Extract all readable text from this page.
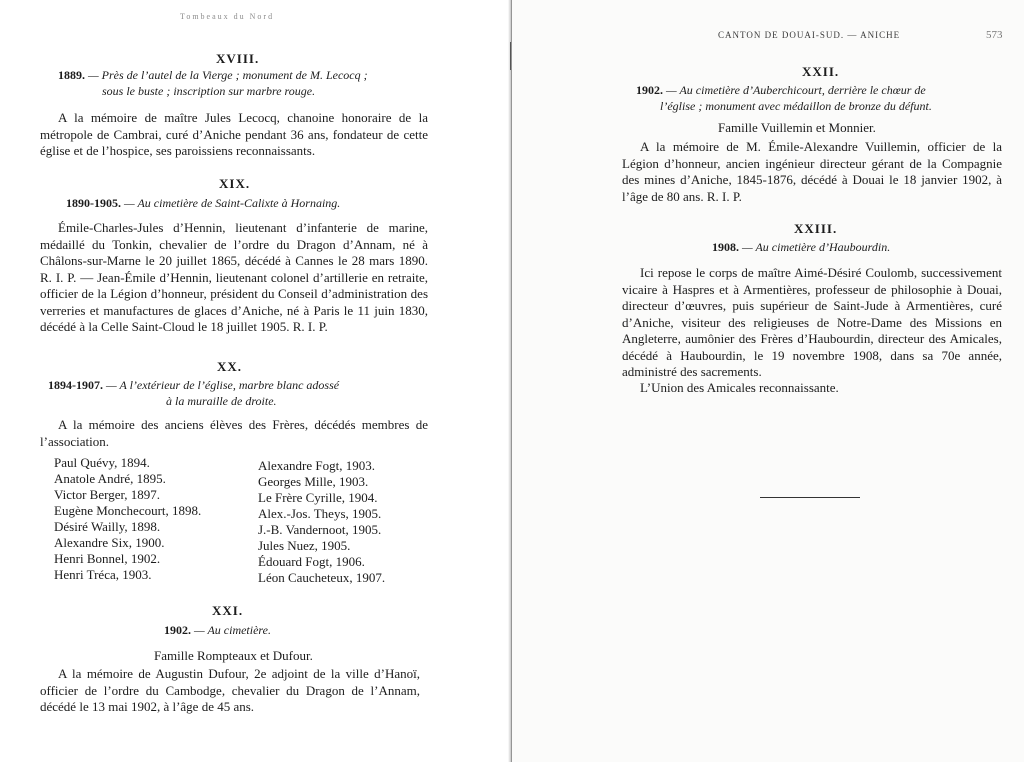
Tombeaux du Nord
XVIII.
1889. — Près de l’autel de la Vierge ; monument de M. Lecocq ;
sous le buste ; inscription sur marbre rouge.

A la mémoire de maître Jules Lecocq, chanoine honoraire de la métropole de Cambrai, curé d’Aniche pendant 36 ans, fondateur de cette église et de l’hospice, ses paroissiens reconnaissants.

XIX.
1890-1905. — Au cimetière de Saint-Calixte à Hornaing.

Émile-Charles-Jules d’Hennin, lieutenant d’infanterie de marine, médaillé du Tonkin, chevalier de l’ordre du Dragon d’Annam, né à Châlons-sur-Marne le 20 juillet 1865, décédé à Cannes le 28 mars 1890. R. I. P. — Jean-Émile d’Hennin, lieutenant colonel d’artillerie en retraite, officier de la Légion d’honneur, président du Conseil d’administration des verreries et manufactures de glaces d’Aniche, né à Paris le 11 juin 1830, décédé à la Celle Saint-Cloud le 18 juillet 1905. R. I. P.

XX.
1894-1907. — A l’extérieur de l’église, marbre blanc adossé
à la muraille de droite.

A la mémoire des anciens élèves des Frères, décédés membres de l’association.

Paul Quévy, 1894.
Anatole André, 1895.
Victor Berger, 1897.
Eugène Monchecourt, 1898.
Désiré Wailly, 1898.
Alexandre Six, 1900.
Henri Bonnel, 1902.
Henri Tréca, 1903.
Alexandre Fogt, 1903.
Georges Mille, 1903.
Le Frère Cyrille, 1904.
Alex.-Jos. Theys, 1905.
J.-B. Vandernoot, 1905.
Jules Nuez, 1905.
Édouard Fogt, 1906.
Léon Caucheteux, 1907.
XXI.
1902. — Au cimetière.
Famille Rompteaux et Dufour.

A la mémoire de Augustin Dufour, 2e adjoint de la ville d’Hanoï, officier de l’ordre du Cambodge, chevalier du Dragon de l’Annam, décédé le 13 mai 1902, à l’âge de 45 ans.

CANTON DE DOUAI-SUD. — ANICHE	573
XXII.
1902. — Au cimetière d’Auberchicourt, derrière le chœur de
l’église ; monument avec médaillon de bronze du défunt.
Famille Vuillemin et Monnier.

A la mémoire de M. Émile-Alexandre Vuillemin, officier de la Légion d’honneur, ancien ingénieur directeur gérant de la Compagnie des mines d’Aniche, 1845-1876, décédé à Douai le 18 janvier 1902, à l’âge de 80 ans. R. I. P.

XXIII.
1908. — Au cimetière d’Haubourdin.

Ici repose le corps de maître Aimé-Désiré Coulomb, successivement vicaire à Haspres et à Armentières, professeur de philosophie à Douai, directeur d’œuvres, puis supérieur de Saint-Jude à Armentières, curé d’Aniche, visiteur des religieuses de Notre-Dame des Missions en Angleterre, aumônier des Frères d’Haubourdin, directeur des Amicales, décédé à Haubourdin, le 19 novembre 1908, dans sa 70e année, administré des sacrements.

L’Union des Amicales reconnaissante.
